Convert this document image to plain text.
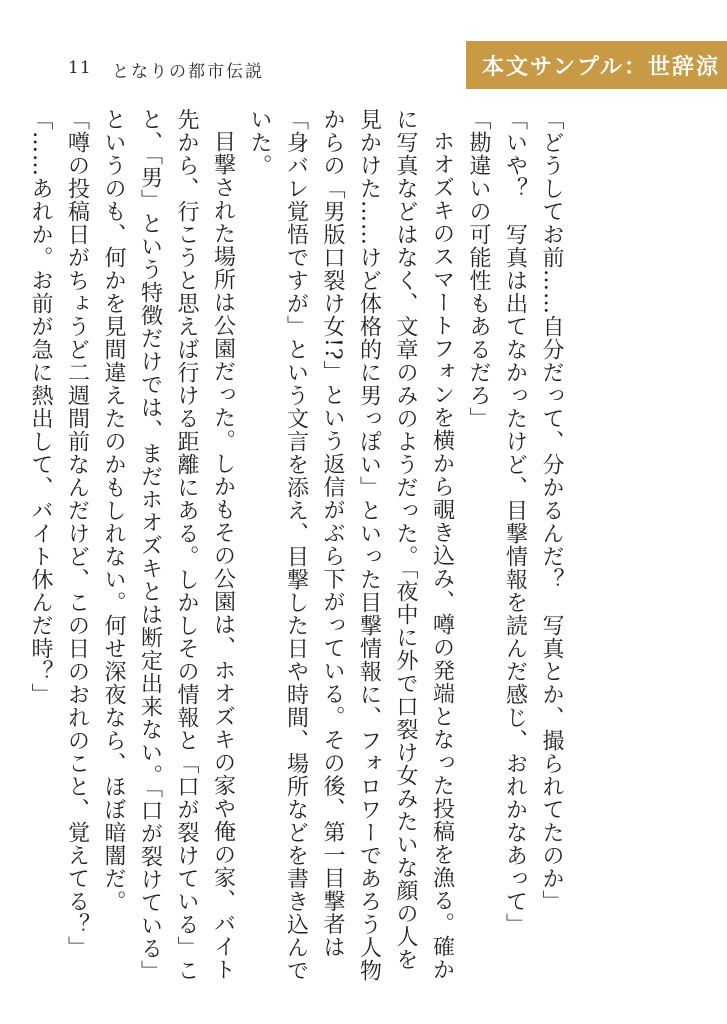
11 となりの都市伝説	本文サンプル：世辞涼
「どうしてお前……自分だって、分かるんだ？　写真とか、撮られてたのか」
「いや？　写真は出てなかったけど、目撃情報を読んだ感じ、おれかなあって」
「勘違いの可能性もあるだろ」
ホオズキのスマートフォンを横から覗き込み、噂の発端となった投稿を漁る。確かに写真などはなく、文章のみのようだった。「夜中に外で口裂け女みたいな顔の人を見かけた……けど体格的に男っぽい」といった目撃情報に、フォロワーであろう人物からの「男版口裂け女!?」という返信がぶら下がっている。その後、第一目撃者は「身バレ覚悟ですが」という文言を添え、目撃した日や時間、場所などを書き込んでいた。
目撃された場所は公園だった。しかもその公園は、ホオズキの家や俺の家、バイト先から、行こうと思えば行ける距離にある。しかしその情報と「口が裂けている」こと、「男」という特徴だけでは、まだホオズキとは断定出来ない。「口が裂けている」というのも、何かを見間違えたのかもしれない。何せ深夜なら、ほぼ暗闇だ。
「噂の投稿日がちょうど二週間前なんだけど、この日のおれのこと、覚えてる？」
「……あれか。お前が急に熱出して、バイト休んだ時？」
